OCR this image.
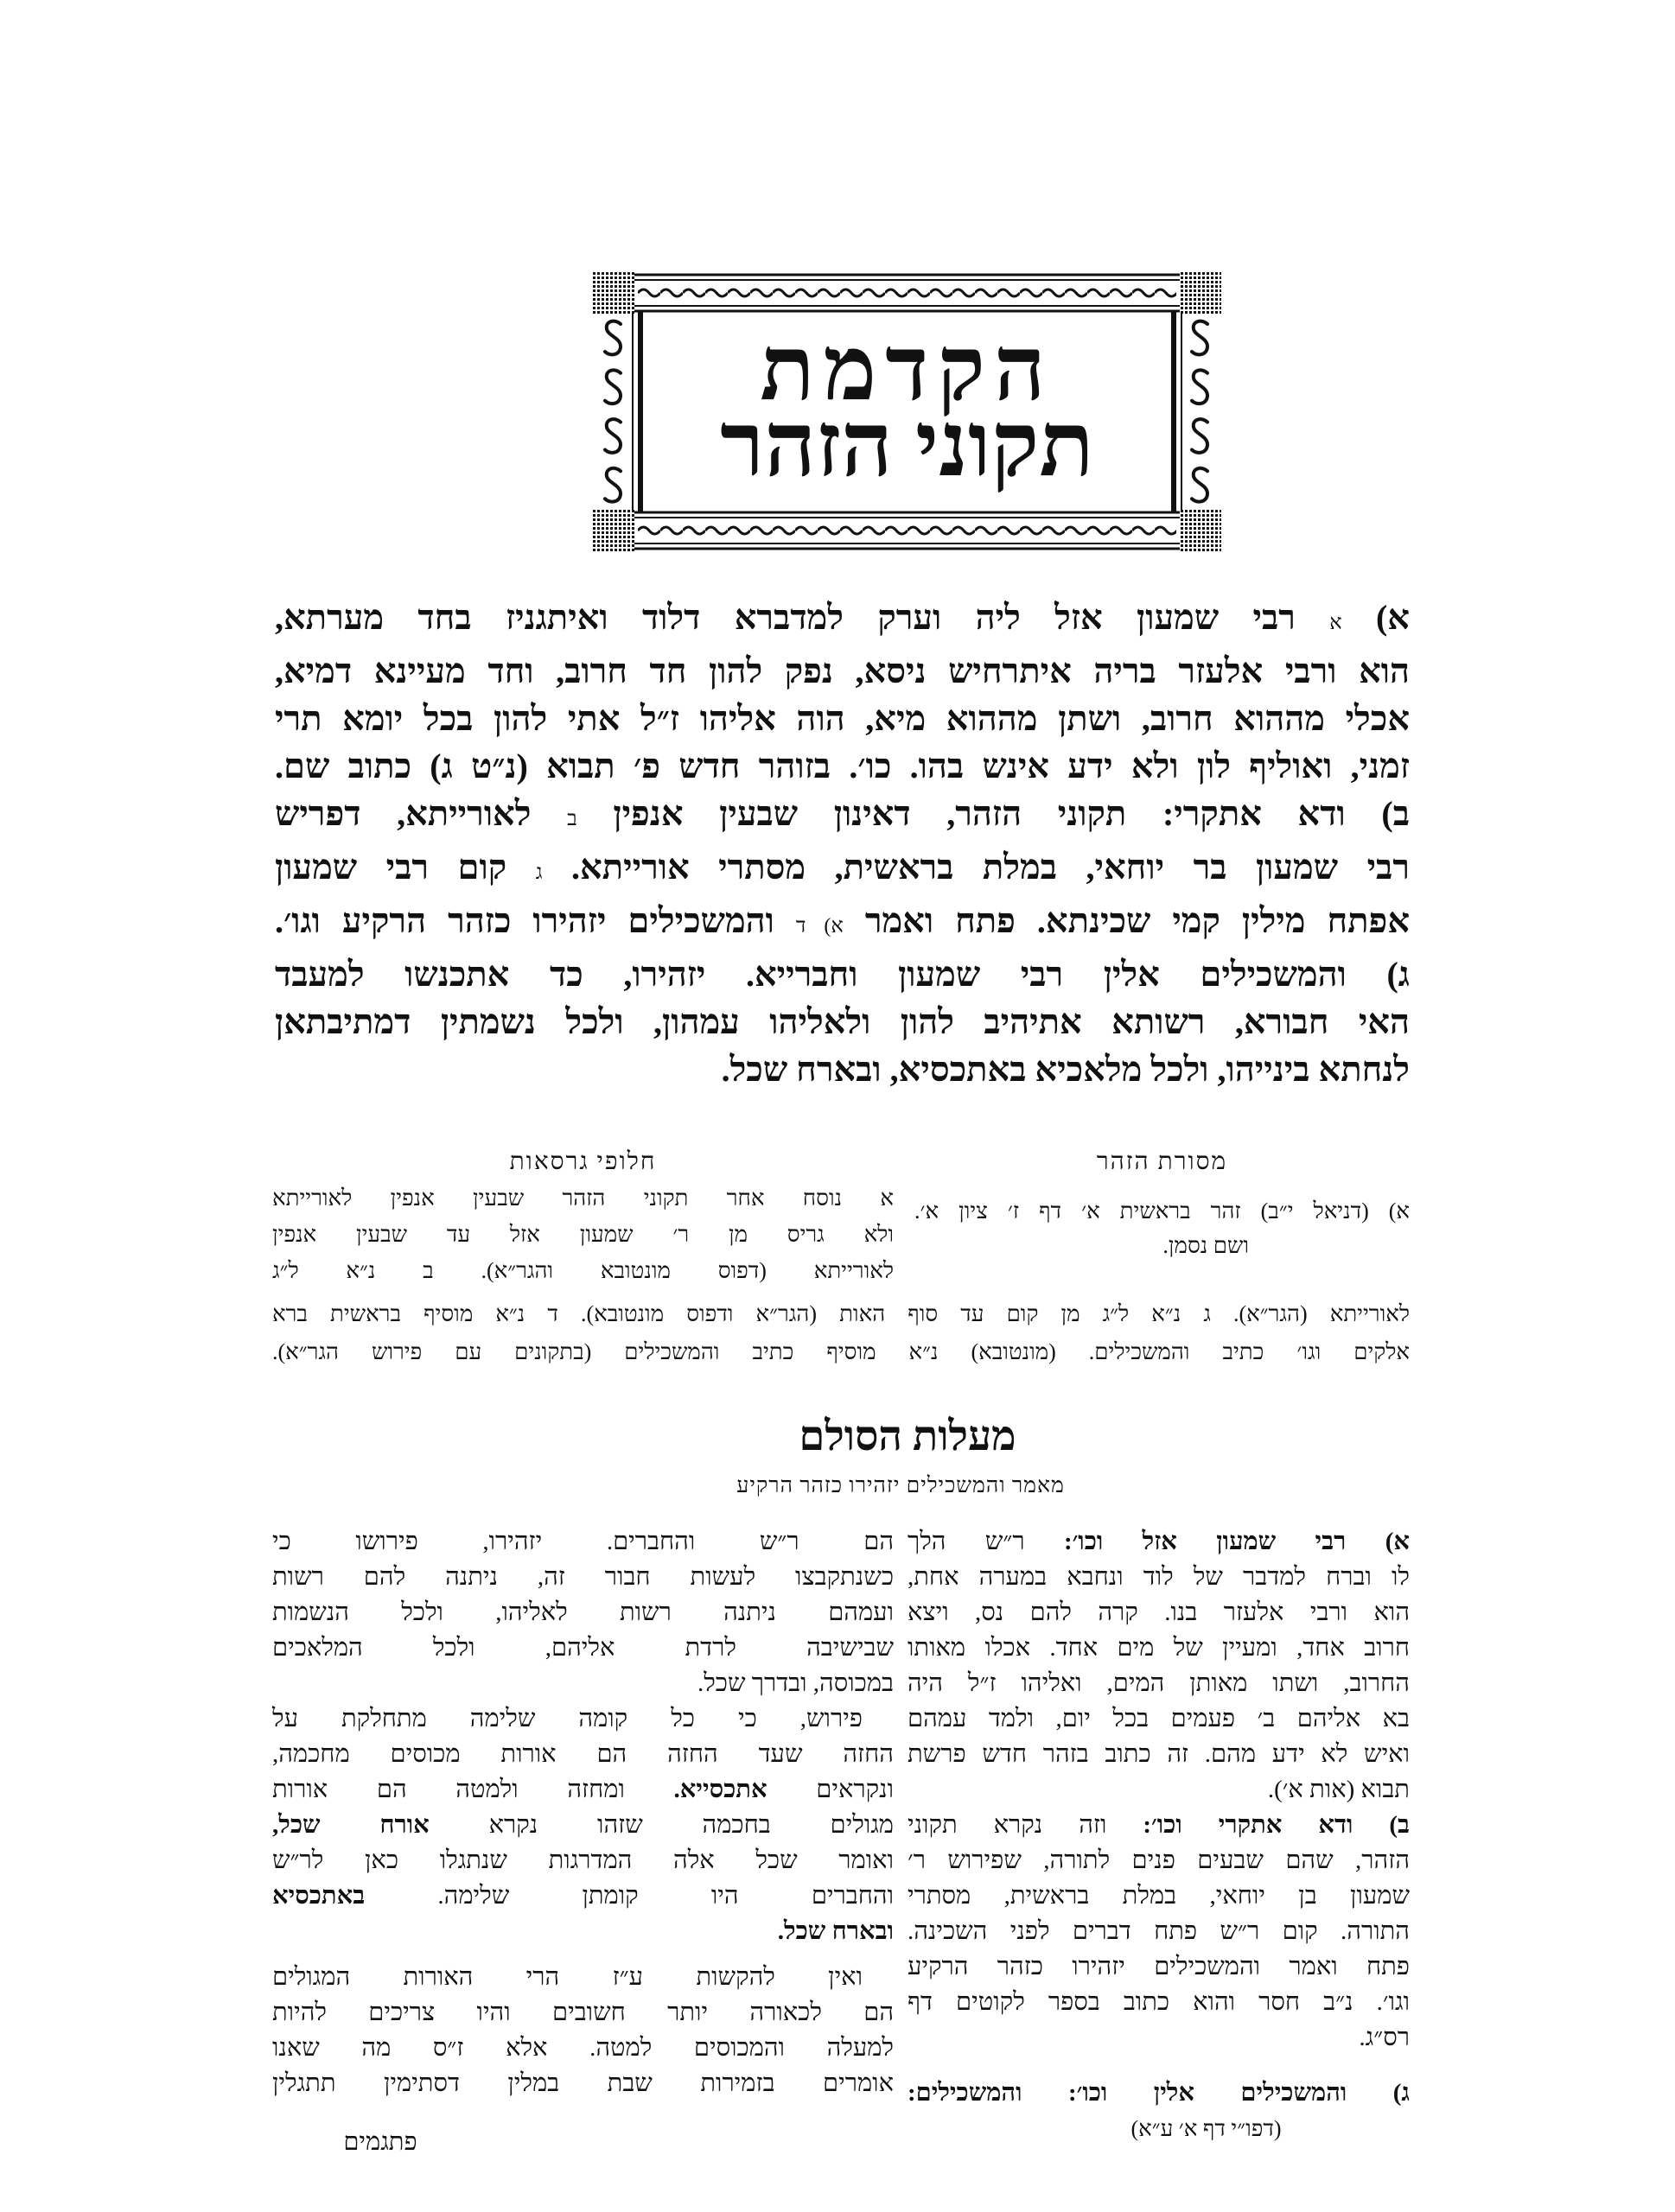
הקדמת
תקוני הזהר
א) א רבי שמעון אזל ליה וערק למדברא דלוד ואיתגניז בחד מערתא,
הוא ורבי אלעזר בריה איתרחיש ניסא, נפק להון חד חרוב, וחד מעיינא דמיא,
אכלי מההוא חרוב, ושתן מההוא מיא, הוה אליהו ז״ל אתי להון בכל יומא תרי
זמני, ואוליף לון ולא ידע אינש בהו. כו׳. בזוהר חדש פ׳ תבוא (נ״ט ג) כתוב שם.
ב) ודא אתקרי: תקוני הזהר, דאינון שבעין אנפין ב לאורייתא, דפריש
רבי שמעון בר יוחאי, במלת בראשית, מסתרי אורייתא. ג קום רבי שמעון
אפתח מילין קמי שכינתא. פתח ואמר א) ד והמשכילים יזהירו כזהר הרקיע וגו׳.
ג) והמשכילים אלין רבי שמעון וחברייא. יזהירו, כד אתכנשו למעבד
האי חבורא, רשותא אתיהיב להון ולאליהו עמהון, ולכל נשמתין דמתיבתאן
לנחתא בינייהו, ולכל מלאכיא באתכסיא, ובארח שכל.
מסורת הזהר
חלופי גרסאות
א) (דניאל י״ב) זהר בראשית א׳ דף ז׳ ציון א׳.
ושם נסמן.
א נוסח אחר תקוני הזהר שבעין אנפין לאורייתא
ולא גריס מן ר׳ שמעון אזל עד שבעין אנפין
לאורייתא (דפוס מונטובא והגר״א). ב נ״א ל״ג
לאורייתא (הגר״א). ג נ״א ל״ג מן קום עד סוף האות (הגר״א ודפוס מונטובא). ד נ״א מוסיף בראשית ברא
אלקים וגו׳ כתיב והמשכילים. (מונטובא) נ״א מוסיף כתיב והמשכילים (בתקונים עם פירוש הגר״א).
מעלות הסולם
מאמר והמשכילים יזהירו כזהר הרקיע
א) רבי שמעון אזל וכו׳: ר״ש הלך
לו וברח למדבר של לוד ונחבא במערה אחת,
הוא ורבי אלעזר בנו. קרה להם נס, ויצא
חרוב אחד, ומעיין של מים אחד. אכלו מאותו
החרוב, ושתו מאותן המים, ואליהו ז״ל היה
בא אליהם ב׳ פעמים בכל יום, ולמד עמהם
ואיש לא ידע מהם. זה כתוב בזהר חדש פרשת
תבוא (אות א׳).
ב) ודא אתקרי וכו׳: וזה נקרא תקוני
הזהר, שהם שבעים פנים לתורה, שפירוש ר׳
שמעון בן יוחאי, במלת בראשית, מסתרי
התורה. קום ר״ש פתח דברים לפני השכינה.
פתח ואמר והמשכילים יזהירו כזהר הרקיע
וגו׳. נ״ב חסר והוא כתוב בספר לקוטים דף
רס״ג.
ג) והמשכילים אלין וכו׳: והמשכילים:
(דפו״י דף א׳ ע״א)
הם ר״ש והחברים. יזהירו, פירושו כי
כשנתקבצו לעשות חבור זה, ניתנה להם רשות
ועמהם ניתנה רשות לאליהו, ולכל הנשמות
שבישיבה לרדת אליהם, ולכל המלאכים
במכוסה, ובדרך שכל.
פירוש, כי כל קומה שלימה מתחלקת על
החזה שעד החזה הם אורות מכוסים מחכמה,
ונקראים אתכסייא. ומחזה ולמטה הם אורות
מגולים בחכמה שזהו נקרא אורח שכל,
ואומר שכל אלה המדרגות שנתגלו כאן לר״ש
והחברים היו קומתן שלימה. באתכסיא
ובארח שכל.
ואין להקשות ע״ז הרי האורות המגולים
הם לכאורה יותר חשובים והיו צריכים להיות
למעלה והמכוסים למטה. אלא ז״ס מה שאנו
אומרים בזמירות שבת במלין דסתימין תתגלין
פתגמים
